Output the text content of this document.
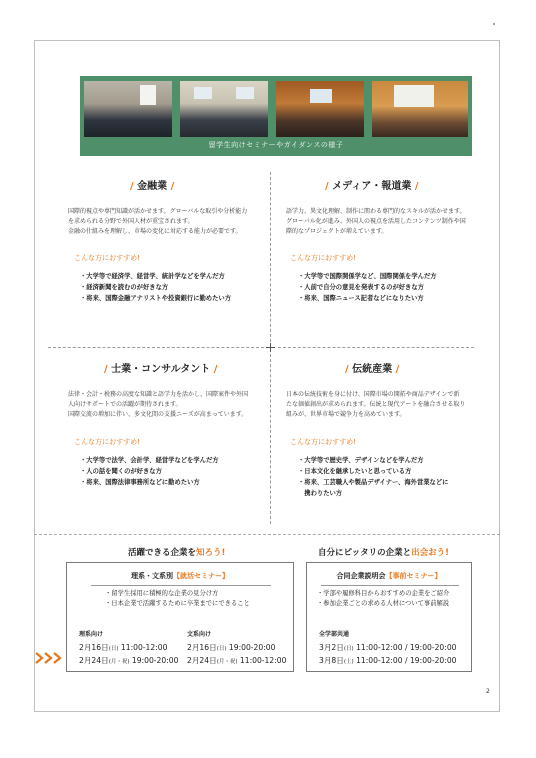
留学生向けセミナーやガイダンスの様子
/ 金融業 /
国際的視点や専門知識が活かせます。グローバルな取引や分析能力
を求められる分野で外国人材が重宝されます。
金融の仕組みを理解し、市場の変化に対応する能力が必要です。
こんな方におすすめ!
・大学等で経済学、経営学、統計学などを学んだ方
・経済新聞を読むのが好きな方
・将来、国際金融アナリストや投資銀行に勤めたい方
/ メディア・報道業 /
語学力、異文化理解、制作に関わる専門的なスキルが活かせます。
グローバル化が進み、外国人の視点を活用したコンテンツ制作や国
際的なプロジェクトが増えています。
こんな方におすすめ!
・大学等で国際関係学など、国際関係を学んだ方
・人前で自分の意見を発表するのが好きな方
・将来、国際ニュース記者などになりたい方
/ 士業・コンサルタント /
法律・会計・税務の高度な知識と語学力を活かし、国際案件や外国
人向けサポートでの活躍が期待されます。
国際交流の増加に伴い、多文化間の支援ニーズが高まっています。
こんな方におすすめ!
・大学等で法学、会計学、経営学などを学んだ方
・人の話を聞くのが好きな方
・将来、国際法律事務所などに勤めたい方
/ 伝統産業 /
日本の伝統技術を身に付け、国際市場の開拓や商品デザインで新
たな価値創出が求められます。伝統と現代アートを融合させる取り
組みが、世界市場で競争力を高めています。
こんな方におすすめ!
・大学等で歴史学、デザインなどを学んだ方
・日本文化を継承したいと思っている方
・将来、工芸職人や製品デザイナー、海外営業などに
　携わりたい方
活躍できる企業を知ろう!
理系・文系別【就活セミナー】
・留学生採用に積極的な企業の見分け方
・日本企業で活躍するために卒業までにできること
理系向け
2月16日(日) 11:00-12:00
2月24日(月・祝) 19:00-20:00
文系向け
2月16日(日) 19:00-20:00
2月24日(月・祝) 11:00-12:00
自分にピッタリの企業と出会おう!
合同企業説明会【事前セミナー】
・学部や履修科目からおすすめの企業をご紹介
・参加企業ごとの求める人材について事前解説
全学部共通
3月2日(日) 11:00-12:00 / 19:00-20:00
3月8日(土) 11:00-12:00 / 19:00-20:00
2
